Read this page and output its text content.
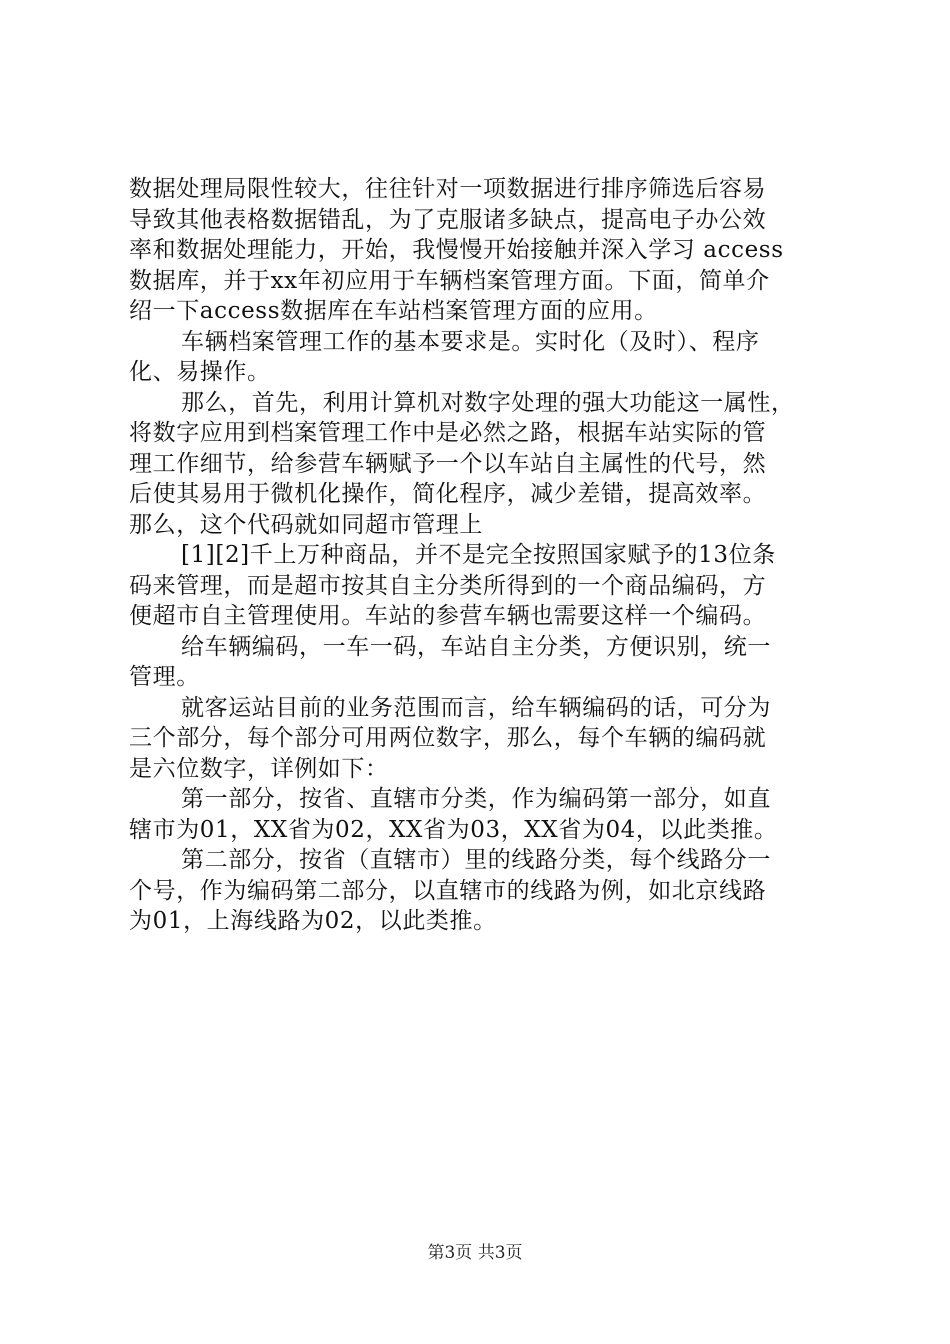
数据处理局限性较大，往往针对一项数据进行排序筛选后容易
导致其他表格数据错乱，为了克服诸多缺点，提高电子办公效
率和数据处理能力，开始，我慢慢开始接触并深入学习 access
数据库，并于xx年初应用于车辆档案管理方面。下面，简单介
绍一下access数据库在车站档案管理方面的应用。
车辆档案管理工作的基本要求是。实时化（及时）、程序
化、易操作。
那么，首先，利用计算机对数字处理的强大功能这一属性，
将数字应用到档案管理工作中是必然之路，根据车站实际的管
理工作细节，给参营车辆赋予一个以车站自主属性的代号，然
后使其易用于微机化操作，简化程序，减少差错，提高效率。
那么，这个代码就如同超市管理上
[1][2]千上万种商品，并不是完全按照国家赋予的13位条
码来管理，而是超市按其自主分类所得到的一个商品编码，方
便超市自主管理使用。车站的参营车辆也需要这样一个编码。
给车辆编码，一车一码，车站自主分类，方便识别，统一
管理。
就客运站目前的业务范围而言，给车辆编码的话，可分为
三个部分，每个部分可用两位数字，那么，每个车辆的编码就
是六位数字，详例如下：
第一部分，按省、直辖市分类，作为编码第一部分，如直
辖市为01，XX省为02，XX省为03，XX省为04，以此类推。
第二部分，按省（直辖市）里的线路分类，每个线路分一
个号，作为编码第二部分，以直辖市的线路为例，如北京线路
为01，上海线路为02，以此类推。
第3页 共3页
